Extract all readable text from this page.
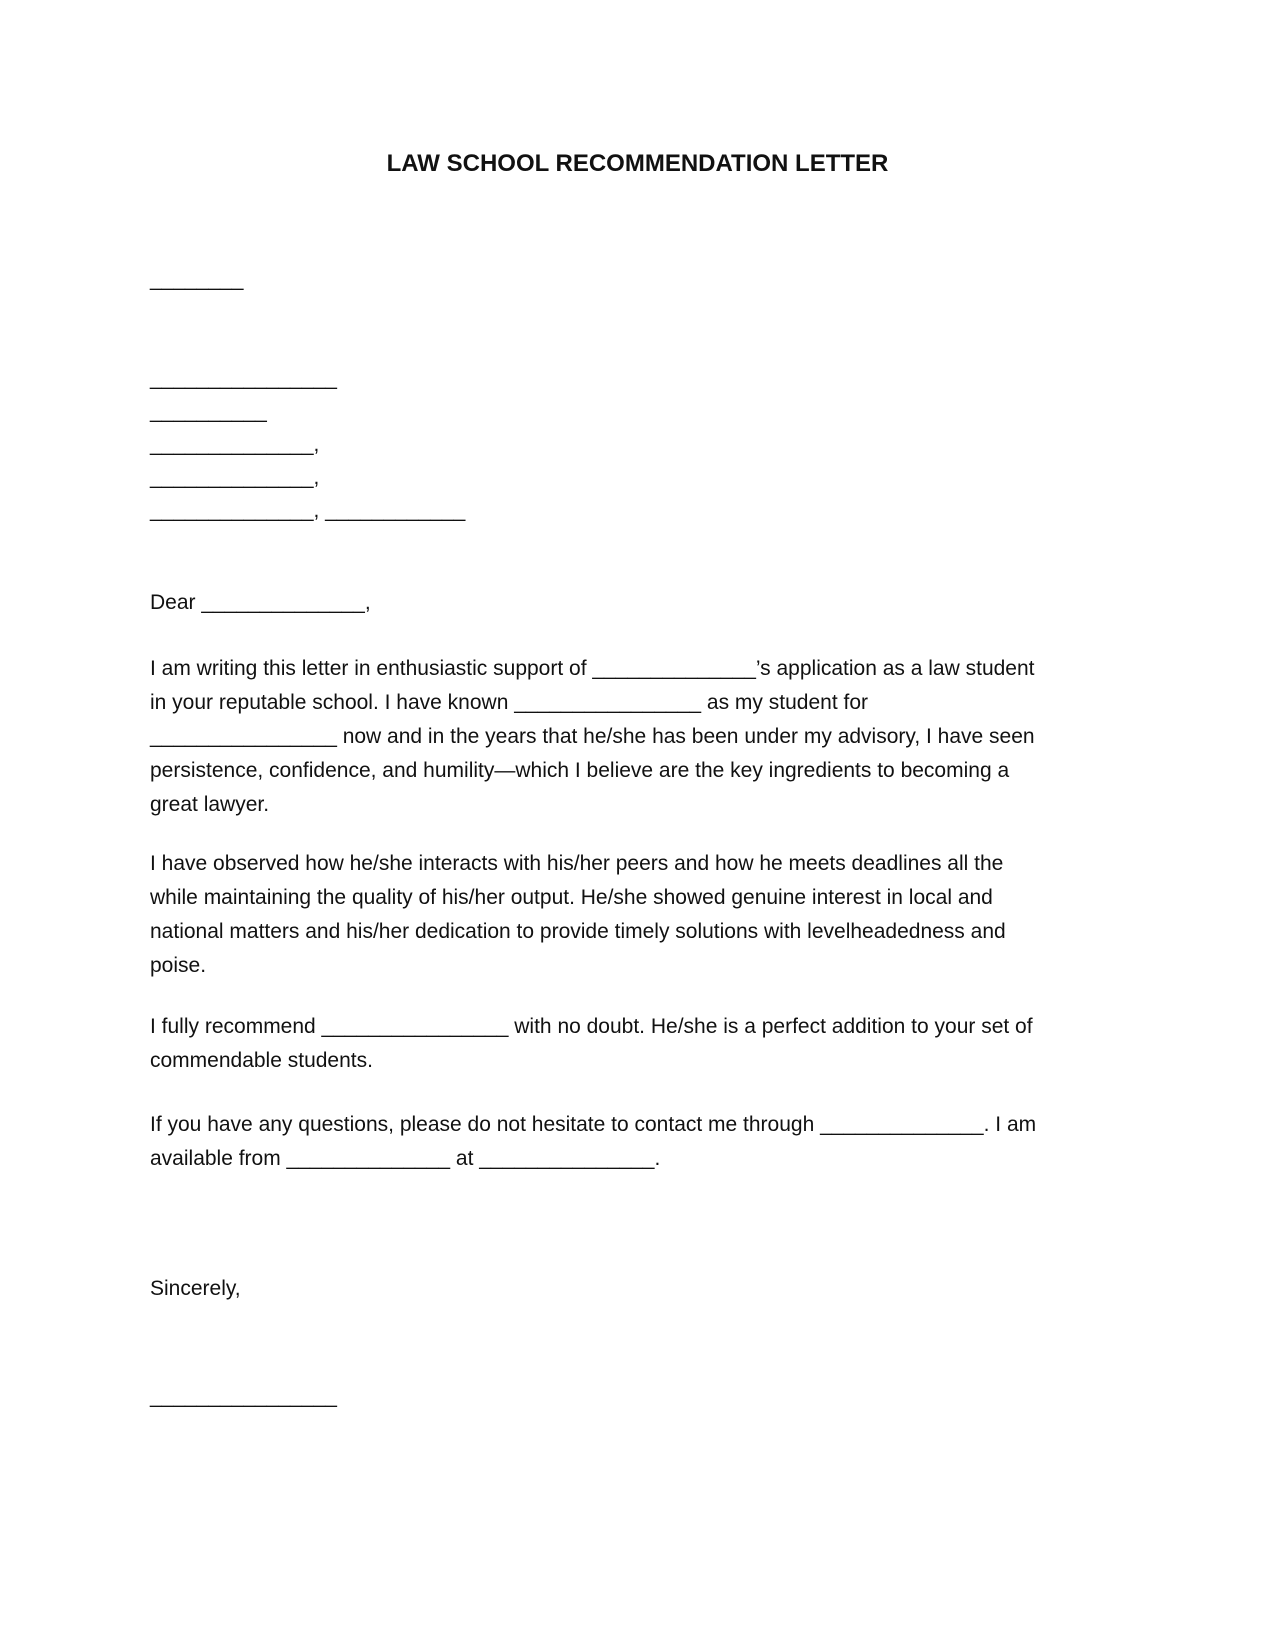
LAW SCHOOL RECOMMENDATION LETTER
________
________________
__________
______________,
______________,
______________, ____________
Dear ______________,
I am writing this letter in enthusiastic support of ______________’s application as a law student
in your reputable school. I have known ________________ as my student for
________________ now and in the years that he/she has been under my advisory, I have seen
persistence, confidence, and humility—which I believe are the key ingredients to becoming a
great lawyer.
I have observed how he/she interacts with his/her peers and how he meets deadlines all the
while maintaining the quality of his/her output. He/she showed genuine interest in local and
national matters and his/her dedication to provide timely solutions with levelheadedness and
poise.
I fully recommend ________________ with no doubt. He/she is a perfect addition to your set of
commendable students.
If you have any questions, please do not hesitate to contact me through ______________. I am
available from ______________ at _______________.
Sincerely,
________________
